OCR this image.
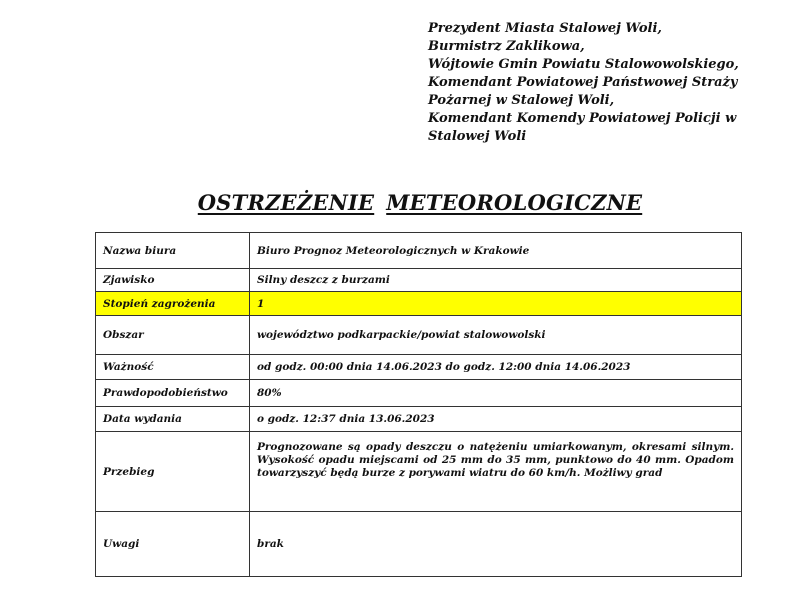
Prezydent Miasta Stalowej Woli,
Burmistrz Zaklikowa,
Wójtowie Gmin Powiatu Stalowowolskiego,
Komendant Powiatowej Państwowej Straży
Pożarnej w Stalowej Woli,
Komendant Komendy Powiatowej Policji w
Stalowej Woli
OSTRZEŻENIE METEOROLOGICZNE
Nazwa biura	Biuro Prognoz Meteorologicznych w Krakowie
Zjawisko	Silny deszcz z burzami
Stopień zagrożenia	1
Obszar	województwo podkarpackie/powiat stalowowolski
Ważność	od godz. 00:00 dnia 14.06.2023 do godz. 12:00 dnia 14.06.2023
Prawdopodobieństwo	80%
Data wydania	o godz. 12:37 dnia 13.06.2023
Przebieg	Prognozowane są opady deszczu o natężeniu umiarkowanym, okresami silnym. Wysokość opadu miejscami od 25 mm do 35 mm, punktowo do 40 mm. Opadom towarzyszyć będą burze z porywami wiatru do 60 km/h. Możliwy grad
Uwagi	brak
